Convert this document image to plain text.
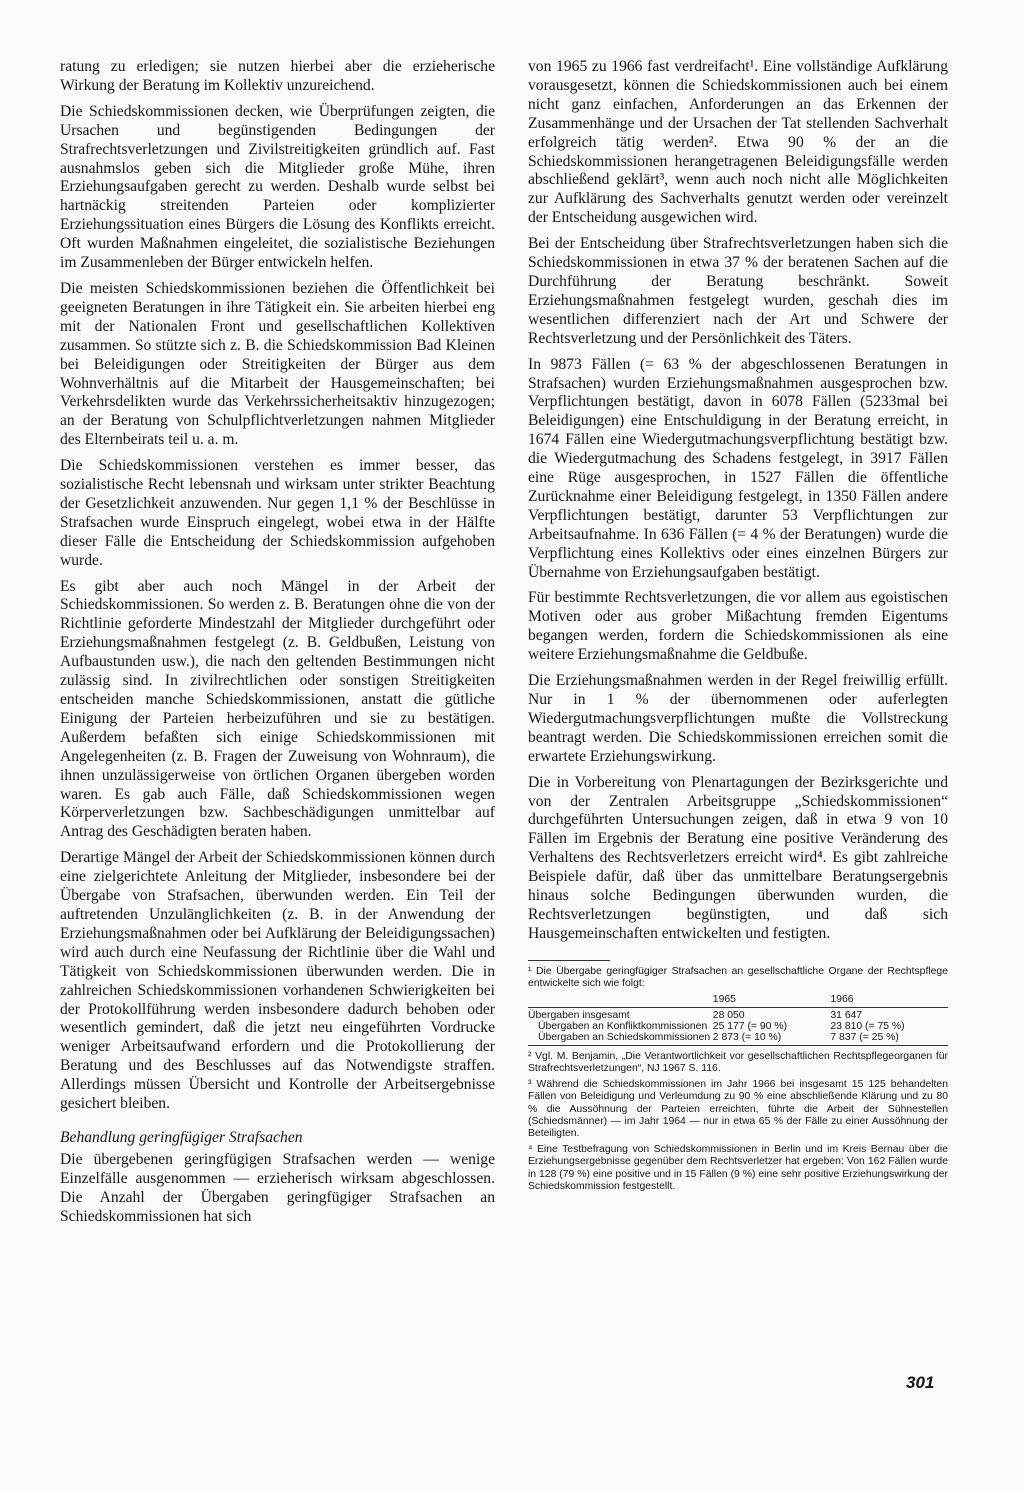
ratung zu erledigen; sie nutzen hierbei aber die erzieherische Wirkung der Beratung im Kollektiv unzureichend.

Die Schiedskommissionen decken, wie Überprüfungen zeigten, die Ursachen und begünstigenden Bedingungen der Strafrechtsverletzungen und Zivilstreitigkeiten gründlich auf. Fast ausnahmslos geben sich die Mitglieder große Mühe, ihren Erziehungsaufgaben gerecht zu werden. Deshalb wurde selbst bei hartnäckig streitenden Parteien oder komplizierter Erziehungssituation eines Bürgers die Lösung des Konflikts erreicht. Oft wurden Maßnahmen eingeleitet, die sozialistische Beziehungen im Zusammenleben der Bürger entwickeln helfen.

Die meisten Schiedskommissionen beziehen die Öffentlichkeit bei geeigneten Beratungen in ihre Tätigkeit ein. Sie arbeiten hierbei eng mit der Nationalen Front und gesellschaftlichen Kollektiven zusammen. So stützte sich z. B. die Schiedskommission Bad Kleinen bei Beleidigungen oder Streitigkeiten der Bürger aus dem Wohnverhältnis auf die Mitarbeit der Hausgemeinschaften; bei Verkehrsdelikten wurde das Verkehrssicherheitsaktiv hinzugezogen; an der Beratung von Schulpflichtverletzungen nahmen Mitglieder des Elternbeirats teil u. a. m.

Die Schiedskommissionen verstehen es immer besser, das sozialistische Recht lebensnah und wirksam unter strikter Beachtung der Gesetzlichkeit anzuwenden. Nur gegen 1,1 % der Beschlüsse in Strafsachen wurde Einspruch eingelegt, wobei etwa in der Hälfte dieser Fälle die Entscheidung der Schiedskommission aufgehoben wurde.

Es gibt aber auch noch Mängel in der Arbeit der Schiedskommissionen. So werden z. B. Beratungen ohne die von der Richtlinie geforderte Mindestzahl der Mitglieder durchgeführt oder Erziehungsmaßnahmen festgelegt (z. B. Geldbußen, Leistung von Aufbaustunden usw.), die nach den geltenden Bestimmungen nicht zulässig sind. In zivilrechtlichen oder sonstigen Streitigkeiten entscheiden manche Schiedskommissionen, anstatt die gütliche Einigung der Parteien herbeizuführen und sie zu bestätigen. Außerdem befaßten sich einige Schiedskommissionen mit Angelegenheiten (z. B. Fragen der Zuweisung von Wohnraum), die ihnen unzulässigerweise von örtlichen Organen übergeben worden waren. Es gab auch Fälle, daß Schiedskommissionen wegen Körperverletzungen bzw. Sachbeschädigungen unmittelbar auf Antrag des Geschädigten beraten haben.

Derartige Mängel der Arbeit der Schiedskommissionen können durch eine zielgerichtete Anleitung der Mitglieder, insbesondere bei der Übergabe von Strafsachen, überwunden werden. Ein Teil der auftretenden Unzulänglichkeiten (z. B. in der Anwendung der Erziehungsmaßnahmen oder bei Aufklärung der Beleidigungssachen) wird auch durch eine Neufassung der Richtlinie über die Wahl und Tätigkeit von Schiedskommissionen überwunden werden. Die in zahlreichen Schiedskommissionen vorhandenen Schwierigkeiten bei der Protokollführung werden insbesondere dadurch behoben oder wesentlich gemindert, daß die jetzt neu eingeführten Vordrucke weniger Arbeitsaufwand erfordern und die Protokollierung der Beratung und des Beschlusses auf das Notwendigste straffen. Allerdings müssen Übersicht und Kontrolle der Arbeitsergebnisse gesichert bleiben.

Behandlung geringfügiger Strafsachen

Die übergebenen geringfügigen Strafsachen werden — wenige Einzelfälle ausgenommen — erzieherisch wirksam abgeschlossen. Die Anzahl der Übergaben geringfügiger Strafsachen an Schiedskommissionen hat sich

von 1965 zu 1966 fast verdreifacht¹. Eine vollständige Aufklärung vorausgesetzt, können die Schiedskommissionen auch bei einem nicht ganz einfachen, Anforderungen an das Erkennen der Zusammenhänge und der Ursachen der Tat stellenden Sachverhalt erfolgreich tätig werden². Etwa 90 % der an die Schiedskommissionen herangetragenen Beleidigungsfälle werden abschließend geklärt³, wenn auch noch nicht alle Möglichkeiten zur Aufklärung des Sachverhalts genutzt werden oder vereinzelt der Entscheidung ausgewichen wird.

Bei der Entscheidung über Strafrechtsverletzungen haben sich die Schiedskommissionen in etwa 37 % der beratenen Sachen auf die Durchführung der Beratung beschränkt. Soweit Erziehungsmaßnahmen festgelegt wurden, geschah dies im wesentlichen differenziert nach der Art und Schwere der Rechtsverletzung und der Persönlichkeit des Täters.

In 9873 Fällen (= 63 % der abgeschlossenen Beratungen in Strafsachen) wurden Erziehungsmaßnahmen ausgesprochen bzw. Verpflichtungen bestätigt, davon in 6078 Fällen (5233mal bei Beleidigungen) eine Entschuldigung in der Beratung erreicht, in 1674 Fällen eine Wiedergutmachungsverpflichtung bestätigt bzw. die Wiedergutmachung des Schadens festgelegt, in 3917 Fällen eine Rüge ausgesprochen, in 1527 Fällen die öffentliche Zurücknahme einer Beleidigung festgelegt, in 1350 Fällen andere Verpflichtungen bestätigt, darunter 53 Verpflichtungen zur Arbeitsaufnahme. In 636 Fällen (= 4 % der Beratungen) wurde die Verpflichtung eines Kollektivs oder eines einzelnen Bürgers zur Übernahme von Erziehungsaufgaben bestätigt.

Für bestimmte Rechtsverletzungen, die vor allem aus egoistischen Motiven oder aus grober Mißachtung fremden Eigentums begangen werden, fordern die Schiedskommissionen als eine weitere Erziehungsmaßnahme die Geldbuße.

Die Erziehungsmaßnahmen werden in der Regel freiwillig erfüllt. Nur in 1 % der übernommenen oder auferlegten Wiedergutmachungsverpflichtungen mußte die Vollstreckung beantragt werden. Die Schiedskommissionen erreichen somit die erwartete Erziehungswirkung.

Die in Vorbereitung von Plenartagungen der Bezirksgerichte und von der Zentralen Arbeitsgruppe „Schiedskommissionen“ durchgeführten Untersuchungen zeigen, daß in etwa 9 von 10 Fällen im Ergebnis der Beratung eine positive Veränderung des Verhaltens des Rechtsverletzers erreicht wird⁴. Es gibt zahlreiche Beispiele dafür, daß über das unmittelbare Beratungsergebnis hinaus solche Bedingungen überwunden wurden, die Rechtsverletzungen begünstigten, und daß sich Hausgemeinschaften entwickelten und festigten.

¹ Die Übergabe geringfügiger Strafsachen an gesellschaftliche Organe der Rechtspflege entwickelte sich wie folgt:

	1965	1966
Übergaben insgesamt	28 050	31 647
Übergaben an Konfliktkommissionen	25 177 (= 90 %)	23 810 (= 75 %)
Übergaben an Schiedskommissionen	2 873 (= 10 %)	7 837 (= 25 %)

² Vgl. M. Benjamin, „Die Verantwortlichkeit vor gesellschaftlichen Rechtspflegeorganen für Strafrechtsverletzungen“, NJ 1967 S. 116.

³ Während die Schiedskommissionen im Jahr 1966 bei insgesamt 15 125 behandelten Fällen von Beleidigung und Verleumdung zu 90 % eine abschließende Klärung und zu 80 % die Aussöhnung der Parteien erreichten, führte die Arbeit der Sühnestellen (Schiedsmänner) — im Jahr 1964 — nur in etwa 65 % der Fälle zu einer Aussöhnung der Beteiligten.

⁴ Eine Testbefragung von Schiedskommissionen in Berlin und im Kreis Bernau über die Erziehungsergebnisse gegenüber dem Rechtsverletzer hat ergeben: Von 162 Fällen wurde in 128 (79 %) eine positive und in 15 Fällen (9 %) eine sehr positive Erziehungswirkung der Schiedskommission festgestellt.

301
